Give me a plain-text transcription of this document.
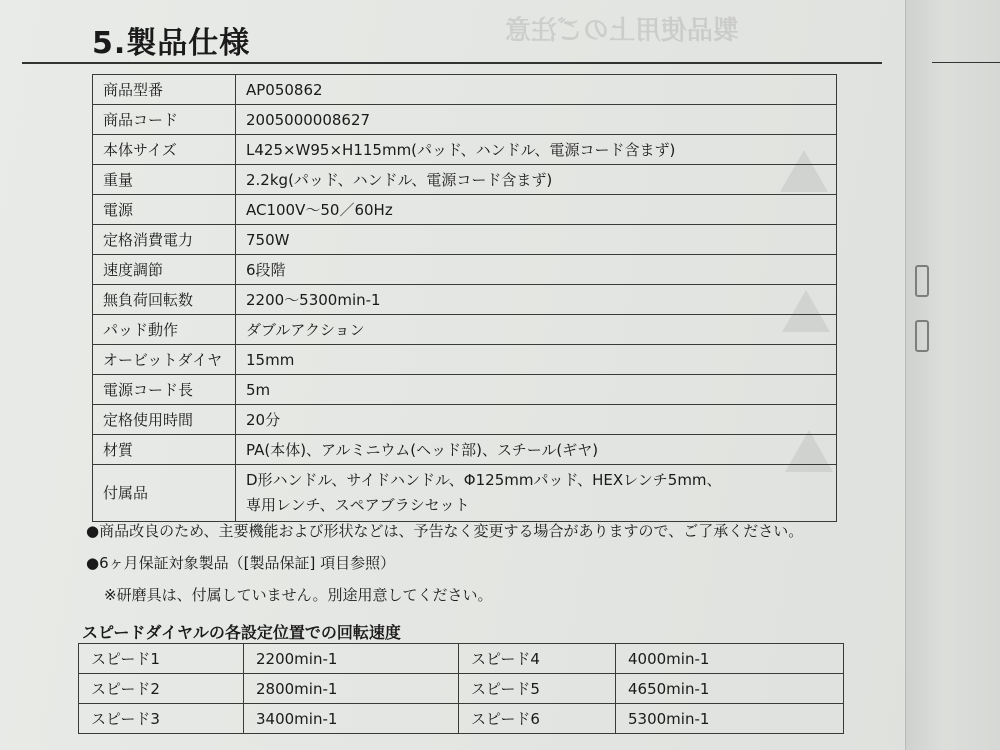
製品使用上のご注意
5.製品仕様
商品型番	AP050862
商品コード	2005000008627
本体サイズ	L425×W95×H115mm(パッド、ハンドル、電源コード含まず)
重量	2.2kg(パッド、ハンドル、電源コード含まず)
電源	AC100V〜50／60Hz
定格消費電力	750W
速度調節	6段階
無負荷回転数	2200〜5300min-1
パッド動作	ダブルアクション
オービットダイヤ	15mm
電源コード長	5m
定格使用時間	20分
材質	PA(本体)、アルミニウム(ヘッド部)、スチール(ギヤ)
付属品	D形ハンドル、サイドハンドル、Φ125mmパッド、HEXレンチ5mm、
専用レンチ、スペアブラシセット
●商品改良のため、主要機能および形状などは、予告なく変更する場合がありますので、ご了承ください。
●6ヶ月保証対象製品（[製品保証] 項目参照）
※研磨具は、付属していません。別途用意してください。
スピードダイヤルの各設定位置での回転速度
スピード1	2200min-1	スピード4	4000min-1
スピード2	2800min-1	スピード5	4650min-1
スピード3	3400min-1	スピード6	5300min-1
